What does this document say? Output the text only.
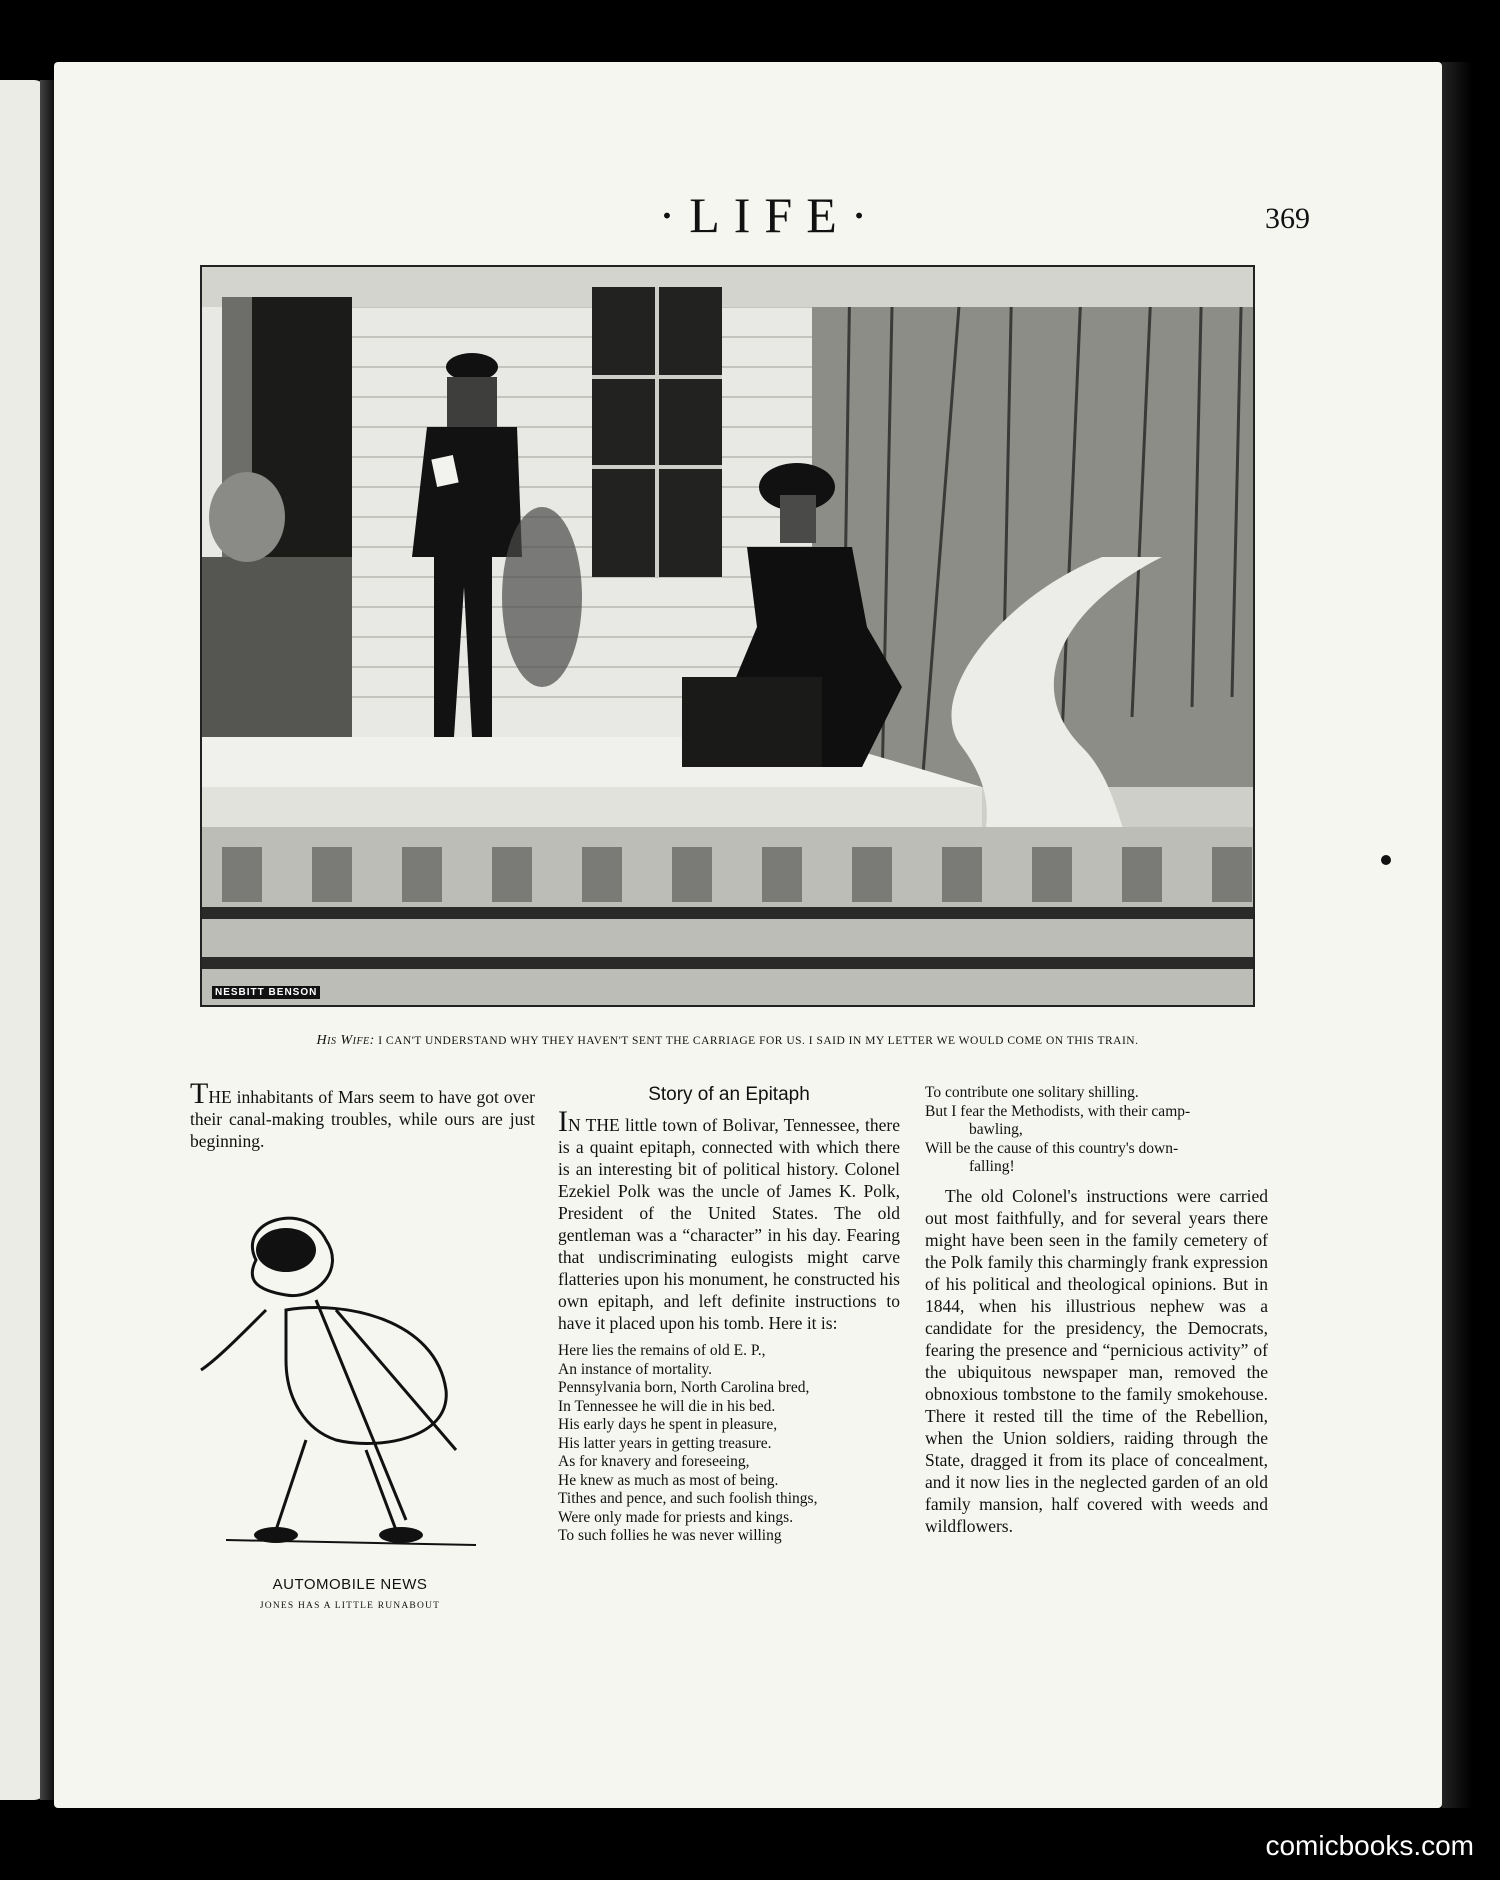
·LIFE·	369
NESBITT BENSON
His Wife: I CAN'T UNDERSTAND WHY THEY HAVEN'T SENT THE CARRIAGE FOR US. I SAID IN MY LETTER WE WOULD COME ON THIS TRAIN.

THE inhabitants of Mars seem to have got over their canal-making troubles, while ours are just beginning.

AUTOMOBILE NEWS
JONES HAS A LITTLE RUNABOUT
Story of an Epitaph

IN THE little town of Bolivar, Tennessee, there is a quaint epitaph, connected with which there is an interesting bit of political history. Colonel Ezekiel Polk was the uncle of James K. Polk, President of the United States. The old gentleman was a “character” in his day. Fearing that undiscriminating eulogists might carve flatteries upon his monument, he constructed his own epitaph, and left definite instructions to have it placed upon his tomb. Here it is:

Here lies the remains of old E. P.,
An instance of mortality.
Pennsylvania born, North Carolina bred,
In Tennessee he will die in his bed.
His early days he spent in pleasure,
His latter years in getting treasure.
As for knavery and foreseeing,
He knew as much as most of being.
Tithes and pence, and such foolish things,
Were only made for priests and kings.
To such follies he was never willing
To contribute one solitary shilling.
But I fear the Methodists, with their camp-
bawling,
Will be the cause of this country's down-
falling!

The old Colonel's instructions were carried out most faithfully, and for several years there might have been seen in the family cemetery of the Polk family this charmingly frank expression of his political and theological opinions. But in 1844, when his illustrious nephew was a candidate for the presidency, the Democrats, fearing the presence and “pernicious activity” of the ubiquitous newspaper man, removed the obnoxious tombstone to the family smokehouse. There it rested till the time of the Rebellion, when the Union soldiers, raiding through the State, dragged it from its place of concealment, and it now lies in the neglected garden of an old family mansion, half covered with weeds and wildflowers.

comicbooks.com
